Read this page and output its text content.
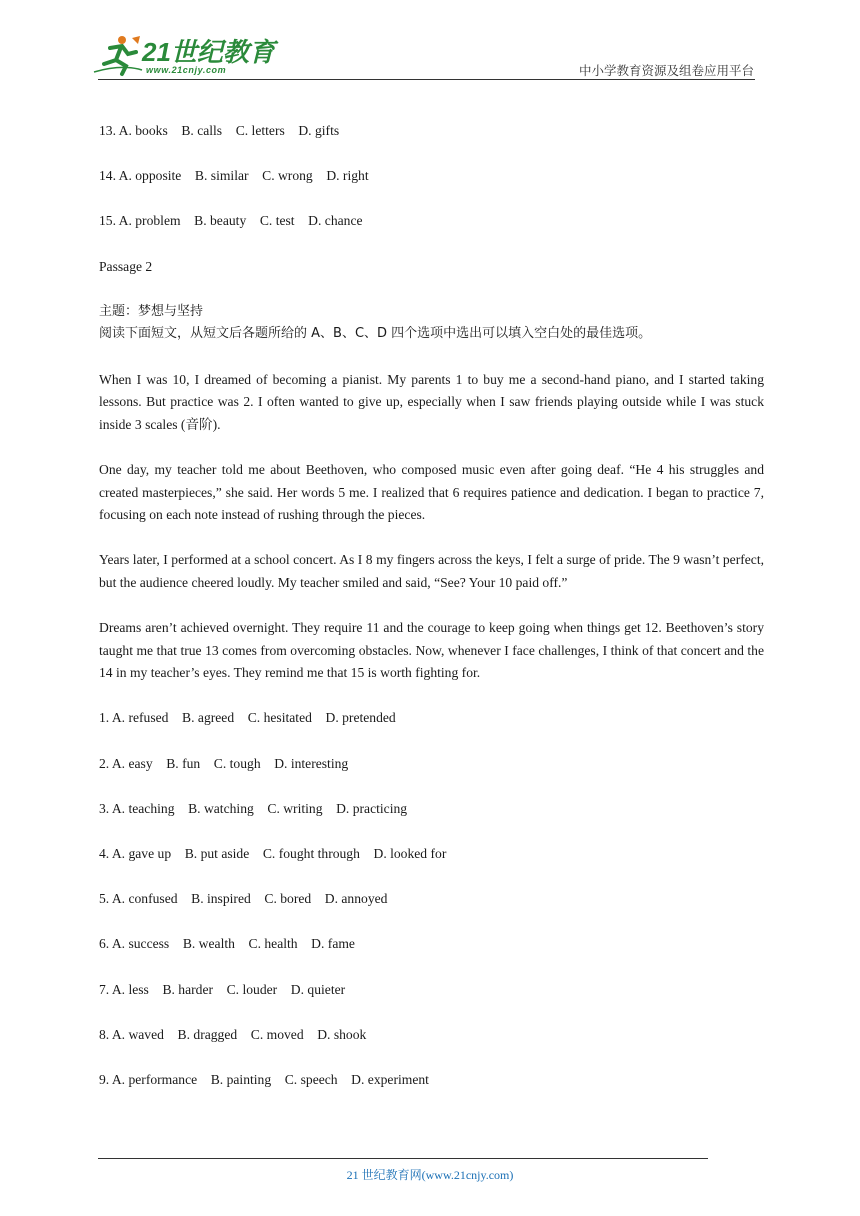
21世纪教育
www.21cnjy.com	中小学教育资源及组卷应用平台

13. A. books    B. calls    C. letters    D. gifts

14. A. opposite    B. similar    C. wrong    D. right

15. A. problem    B. beauty    C. test    D. chance

Passage 2

主题：梦想与坚持

阅读下面短文，从短文后各题所给的 A、B、C、D 四个选项中选出可以填入空白处的最佳选项。

When I was 10, I dreamed of becoming a pianist. My parents 1 to buy me a second-hand piano, and I started taking lessons. But practice was 2. I often wanted to give up, especially when I saw friends playing outside while I was stuck inside 3 scales (音阶).

One day, my teacher told me about Beethoven, who composed music even after going deaf. “He 4 his struggles and created masterpieces,” she said. Her words 5 me. I realized that 6 requires patience and dedication. I began to practice 7, focusing on each note instead of rushing through the pieces.

Years later, I performed at a school concert. As I 8 my fingers across the keys, I felt a surge of pride. The 9 wasn’t perfect, but the audience cheered loudly. My teacher smiled and said, “See? Your 10 paid off.”

Dreams aren’t achieved overnight. They require 11 and the courage to keep going when things get 12. Beethoven’s story taught me that true 13 comes from overcoming obstacles. Now, whenever I face challenges, I think of that concert and the 14 in my teacher’s eyes. They remind me that 15 is worth fighting for.

1. A. refused    B. agreed    C. hesitated    D. pretended

2. A. easy    B. fun    C. tough    D. interesting

3. A. teaching    B. watching    C. writing    D. practicing

4. A. gave up    B. put aside    C. fought through    D. looked for

5. A. confused    B. inspired    C. bored    D. annoyed

6. A. success    B. wealth    C. health    D. fame

7. A. less    B. harder    C. louder    D. quieter

8. A. waved    B. dragged    C. moved    D. shook

9. A. performance    B. painting    C. speech    D. experiment

21 世纪教育网(www.21cnjy.com)
